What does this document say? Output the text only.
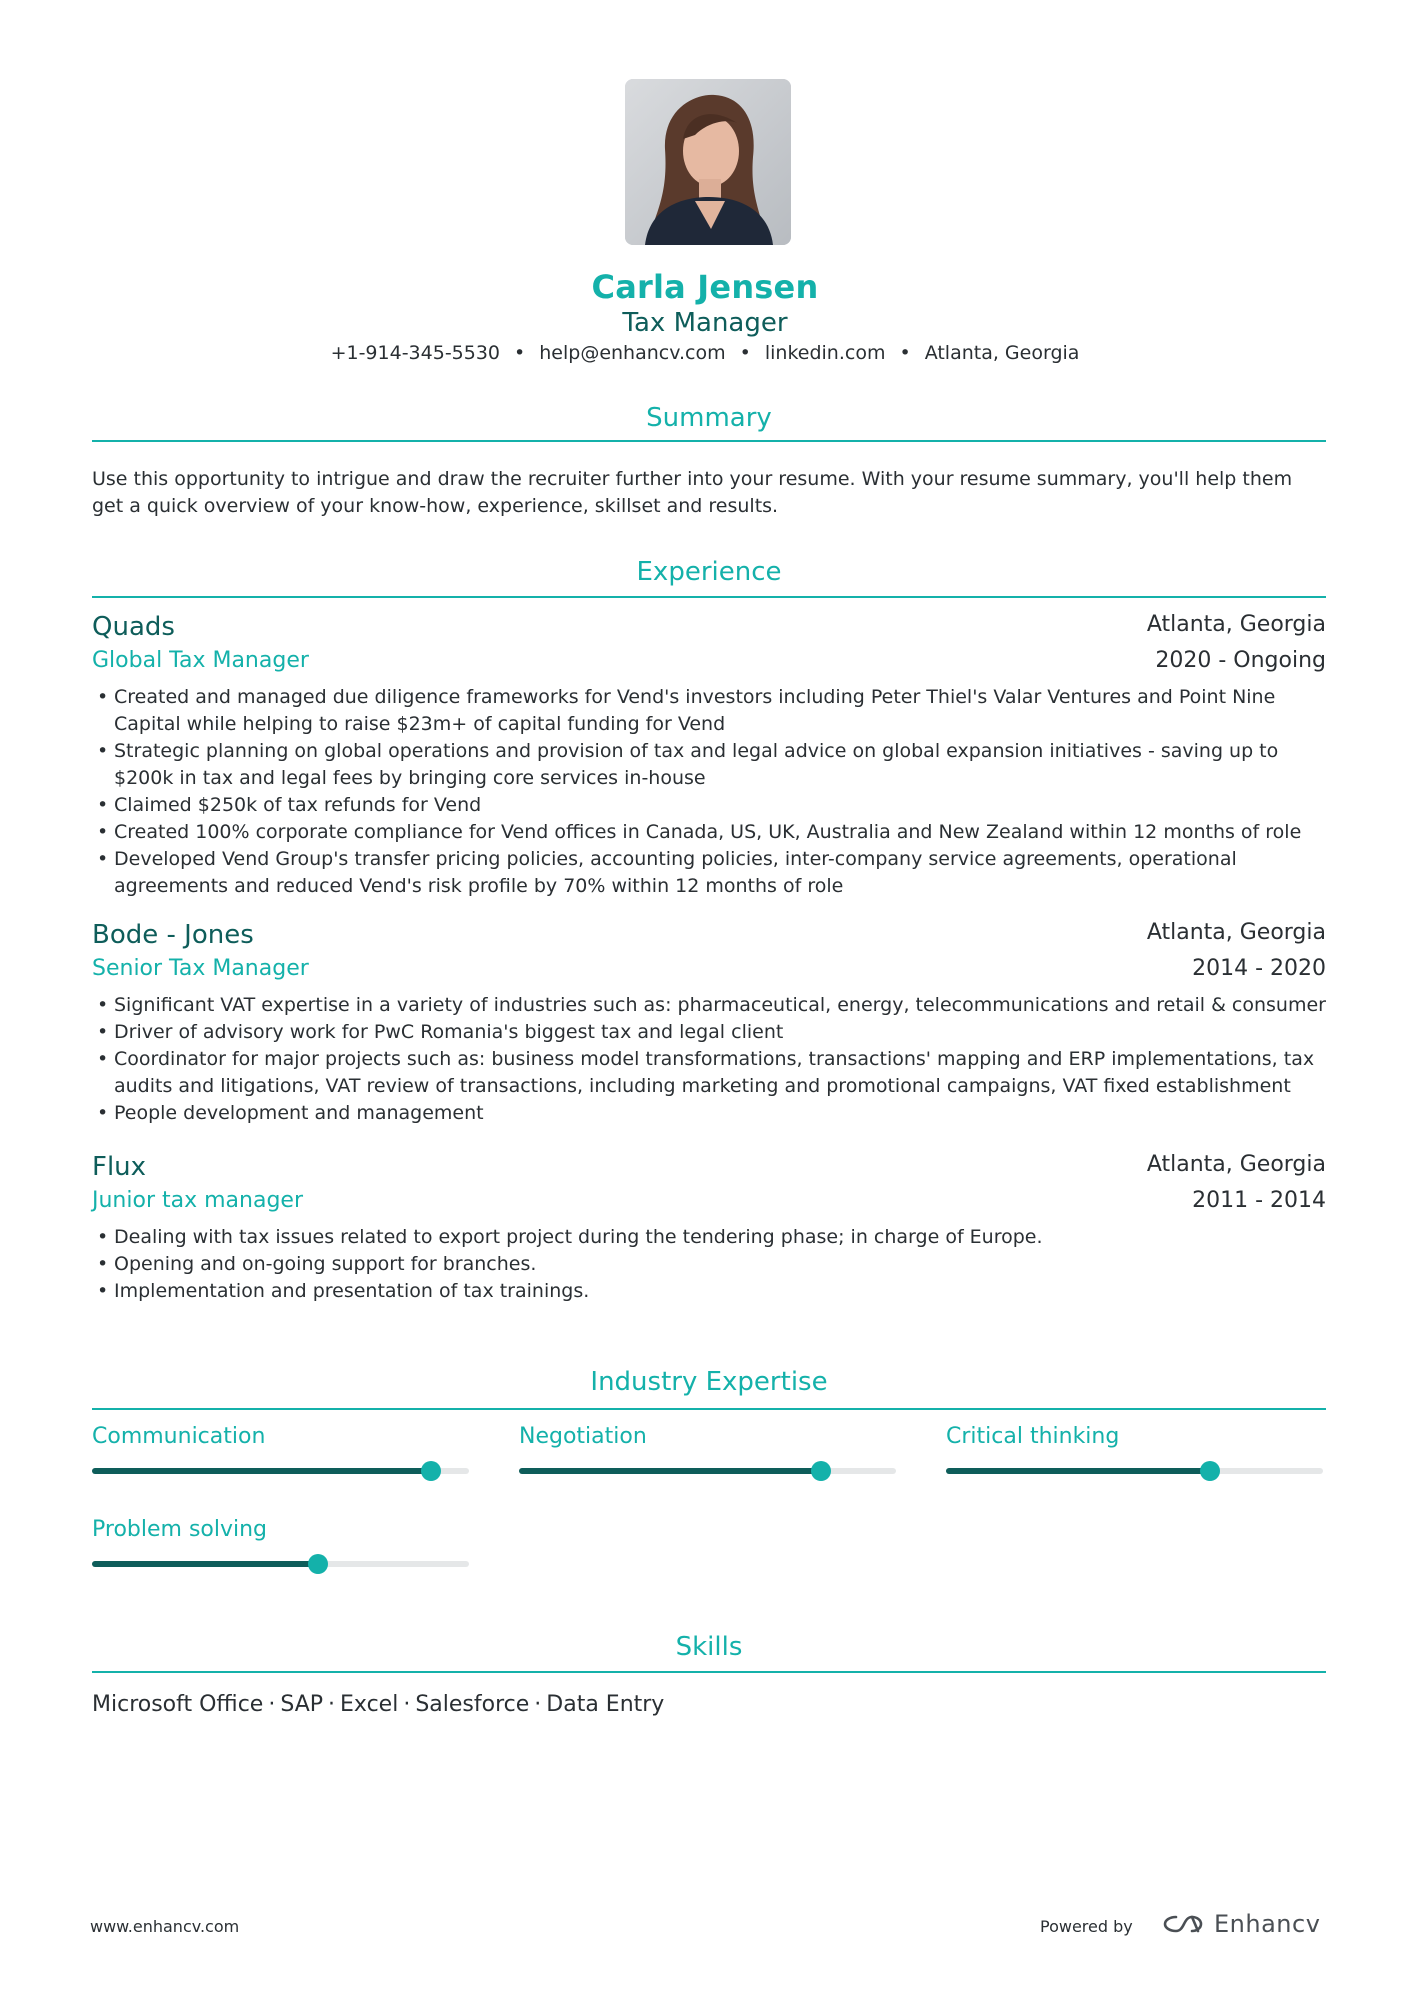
Carla Jensen
Tax Manager
+1-914-345-5530 • help@enhancv.com • linkedin.com • Atlanta, Georgia
Summary
Use this opportunity to intrigue and draw the recruiter further into your resume. With your resume summary, you'll help them get a quick overview of your know-how, experience, skillset and results.
Experience
Quads	Atlanta, Georgia
Global Tax Manager	2020 - Ongoing
• Created and managed due diligence frameworks for Vend's investors including Peter Thiel's Valar Ventures and Point Nine Capital while helping to raise $23m+ of capital funding for Vend
• Strategic planning on global operations and provision of tax and legal advice on global expansion initiatives - saving up to $200k in tax and legal fees by bringing core services in-house
• Claimed $250k of tax refunds for Vend
• Created 100% corporate compliance for Vend offices in Canada, US, UK, Australia and New Zealand within 12 months of role
• Developed Vend Group's transfer pricing policies, accounting policies, inter-company service agreements, operational agreements and reduced Vend's risk profile by 70% within 12 months of role
Bode - Jones	Atlanta, Georgia
Senior Tax Manager	2014 - 2020
• Significant VAT expertise in a variety of industries such as: pharmaceutical, energy, telecommunications and retail & consumer
• Driver of advisory work for PwC Romania's biggest tax and legal client
• Coordinator for major projects such as: business model transformations, transactions' mapping and ERP implementations, tax audits and litigations, VAT review of transactions, including marketing and promotional campaigns, VAT fixed establishment
• People development and management
Flux	Atlanta, Georgia
Junior tax manager	2011 - 2014
• Dealing with tax issues related to export project during the tendering phase; in charge of Europe.
• Opening and on-going support for branches.
• Implementation and presentation of tax trainings.
Industry Expertise
Communication	Negotiation	Critical thinking
Problem solving
Skills
Microsoft Office · SAP · Excel · Salesforce · Data Entry
www.enhancv.com	Powered by	Enhancv
